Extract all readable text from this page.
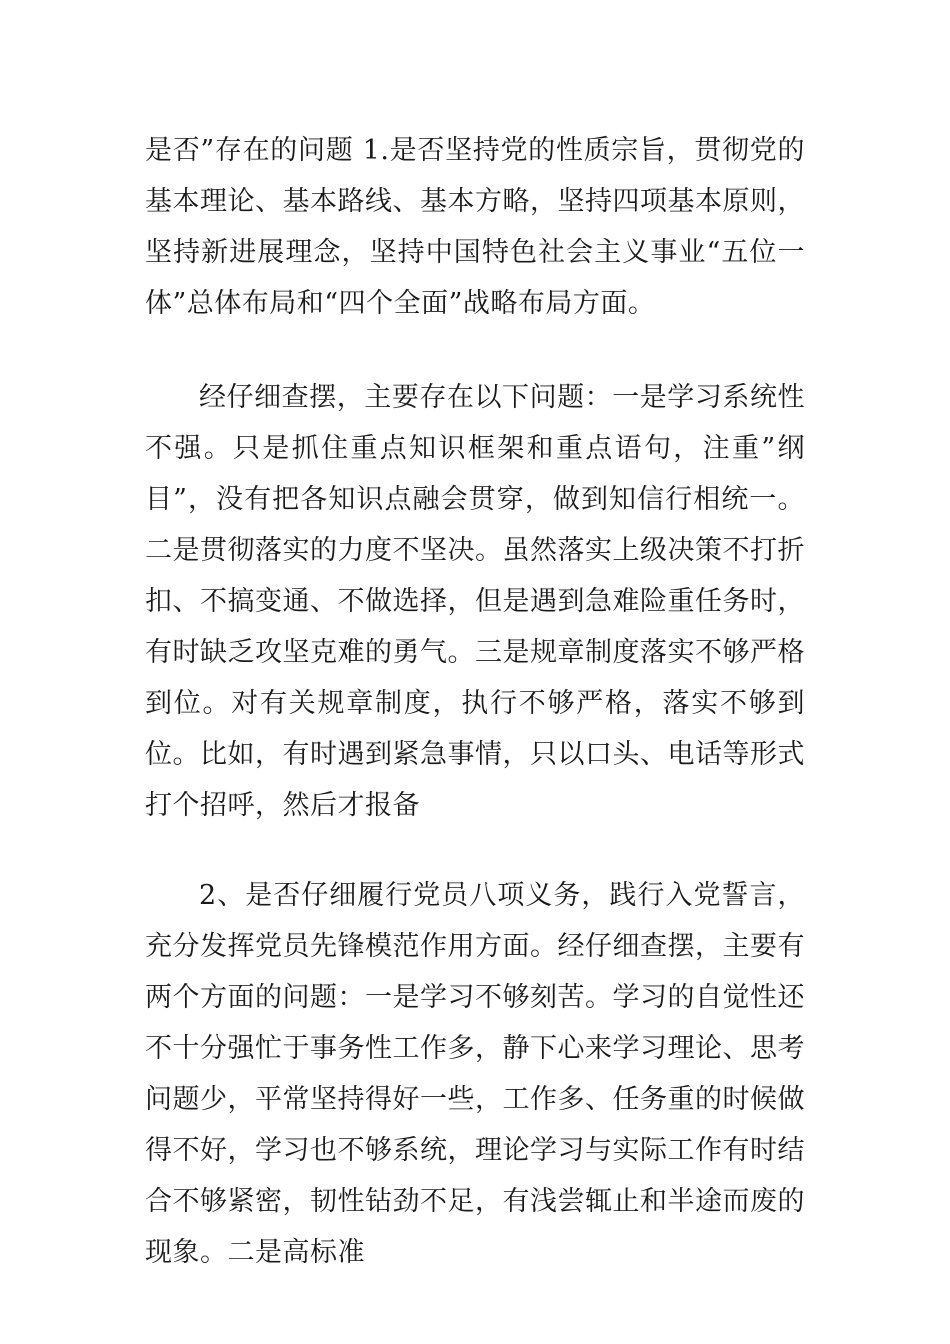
是否”存在的问题 1.是否坚持党的性质宗旨，贯彻党的基本理论、基本路线、基本方略，坚持四项基本原则，坚持新进展理念，坚持中国特色社会主义事业“五位一体”总体布局和“四个全面”战略布局方面。

经仔细查摆，主要存在以下问题：一是学习系统性不强。只是抓住重点知识框架和重点语句，注重”纲目”，没有把各知识点融会贯穿，做到知信行相统一。二是贯彻落实的力度不坚决。虽然落实上级决策不打折扣、不搞变通、不做选择，但是遇到急难险重任务时，有时缺乏攻坚克难的勇气。三是规章制度落实不够严格到位。对有关规章制度，执行不够严格，落实不够到位。比如，有时遇到紧急事情，只以口头、电话等形式打个招呼，然后才报备

2、是否仔细履行党员八项义务，践行入党誓言，充分发挥党员先锋模范作用方面。经仔细查摆，主要有两个方面的问题：一是学习不够刻苦。学习的自觉性还不十分强忙于事务性工作多，静下心来学习理论、思考问题少，平常坚持得好一些，工作多、任务重的时候做得不好，学习也不够系统，理论学习与实际工作有时结合不够紧密，韧性钻劲不足，有浅尝辄止和半途而废的现象。二是高标准
